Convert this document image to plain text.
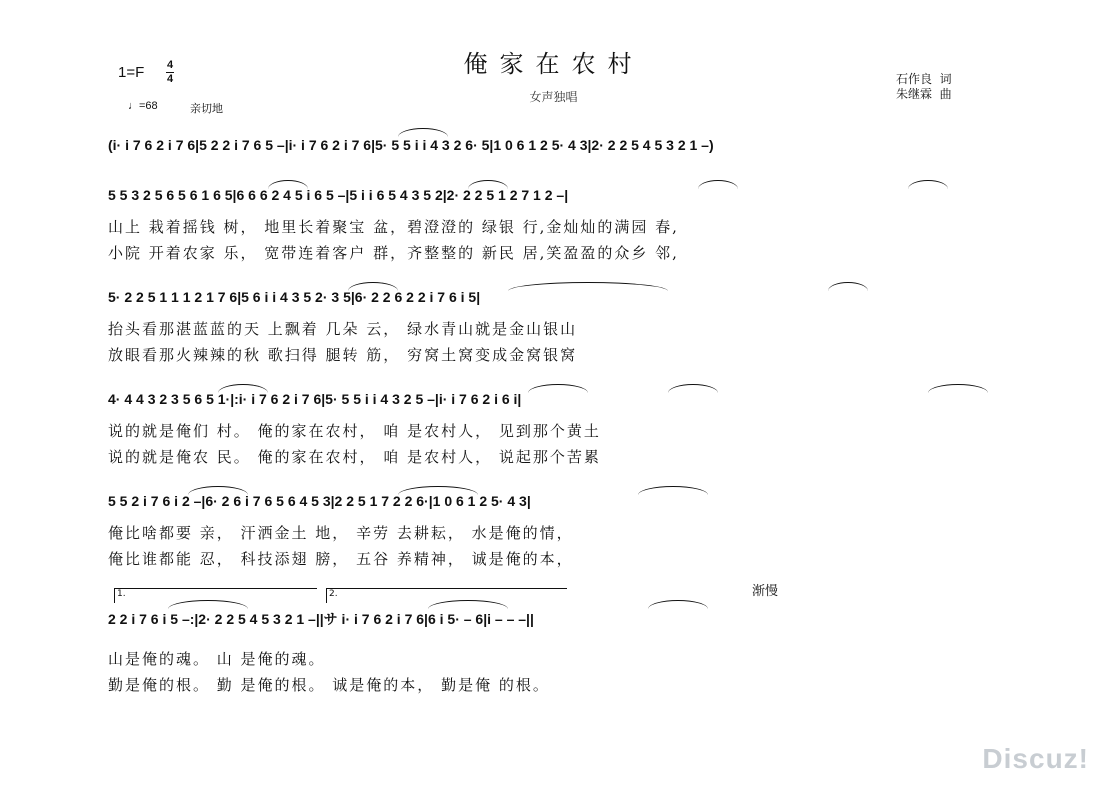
俺家在农村
女声独唱
1=F 4
4
♩=68	亲切地
石作良  词
朱继霖  曲
(i· i 7 6 2 i 7 6|5 2 2 i 7 6 5 –|i· i 7 6 2 i 7 6|5· 5 5 i i 4 3 2 6· 5|1 0 6 1 2 5· 4 3|2· 2 2 5 4 5 3 2 1 –)
5 5 3 2 5 6 5 6 1 6 5|6 6 6 2 4 5 i 6 5 –|5 i i 6 5 4 3 5 2|2· 2 2 5 1 2 7 1 2 –|
山上 栽着摇钱 树， 地里长着聚宝 盆，碧澄澄的 绿银 行,金灿灿的满园 春,
小院 开着农家 乐， 宽带连着客户 群，齐整整的 新民 居,笑盈盈的众乡 邻,
5· 2 2 5 1 1 1 2 1 7 6|5 6 i i 4 3 5 2· 3 5|6· 2 2 6 2 2 i 7 6 i 5|
抬头看那湛蓝蓝的天 上飘着 几朵 云， 绿水青山就是金山银山
放眼看那火辣辣的秋 歌扫得 腿转 筋， 穷窝土窝变成金窝银窝
4· 4 4 3 2 3 5 6 5 1·|:i· i 7 6 2 i 7 6|5· 5 5 i i 4 3 2 5 –|i· i 7 6 2 i 6 i|
说的就是俺们 村。 俺的家在农村， 咱 是农村人， 见到那个黄土
说的就是俺农 民。 俺的家在农村， 咱 是农村人， 说起那个苦累
5 5 2 i 7 6 i 2 –|6· 2 6 i 7 6 5 6 4 5 3|2 2 5 1 7 2 2 6·|1 0 6 1 2 5· 4 3|
俺比啥都要 亲， 汗洒金土 地， 辛劳 去耕耘， 水是俺的情，
俺比谁都能 忍， 科技添翅 膀， 五谷 养精神， 诚是俺的本，
渐慢
1.	2.
2 2 i 7 6 i 5 –:|2· 2 2 5 4 5 3 2 1 –||サ i· i 7 6 2 i 7 6|6 i 5· – 6|i – – –||
山是俺的魂。 山 是俺的魂。
勤是俺的根。 勤 是俺的根。 诚是俺的本， 勤是俺 的根。
Discuz!
